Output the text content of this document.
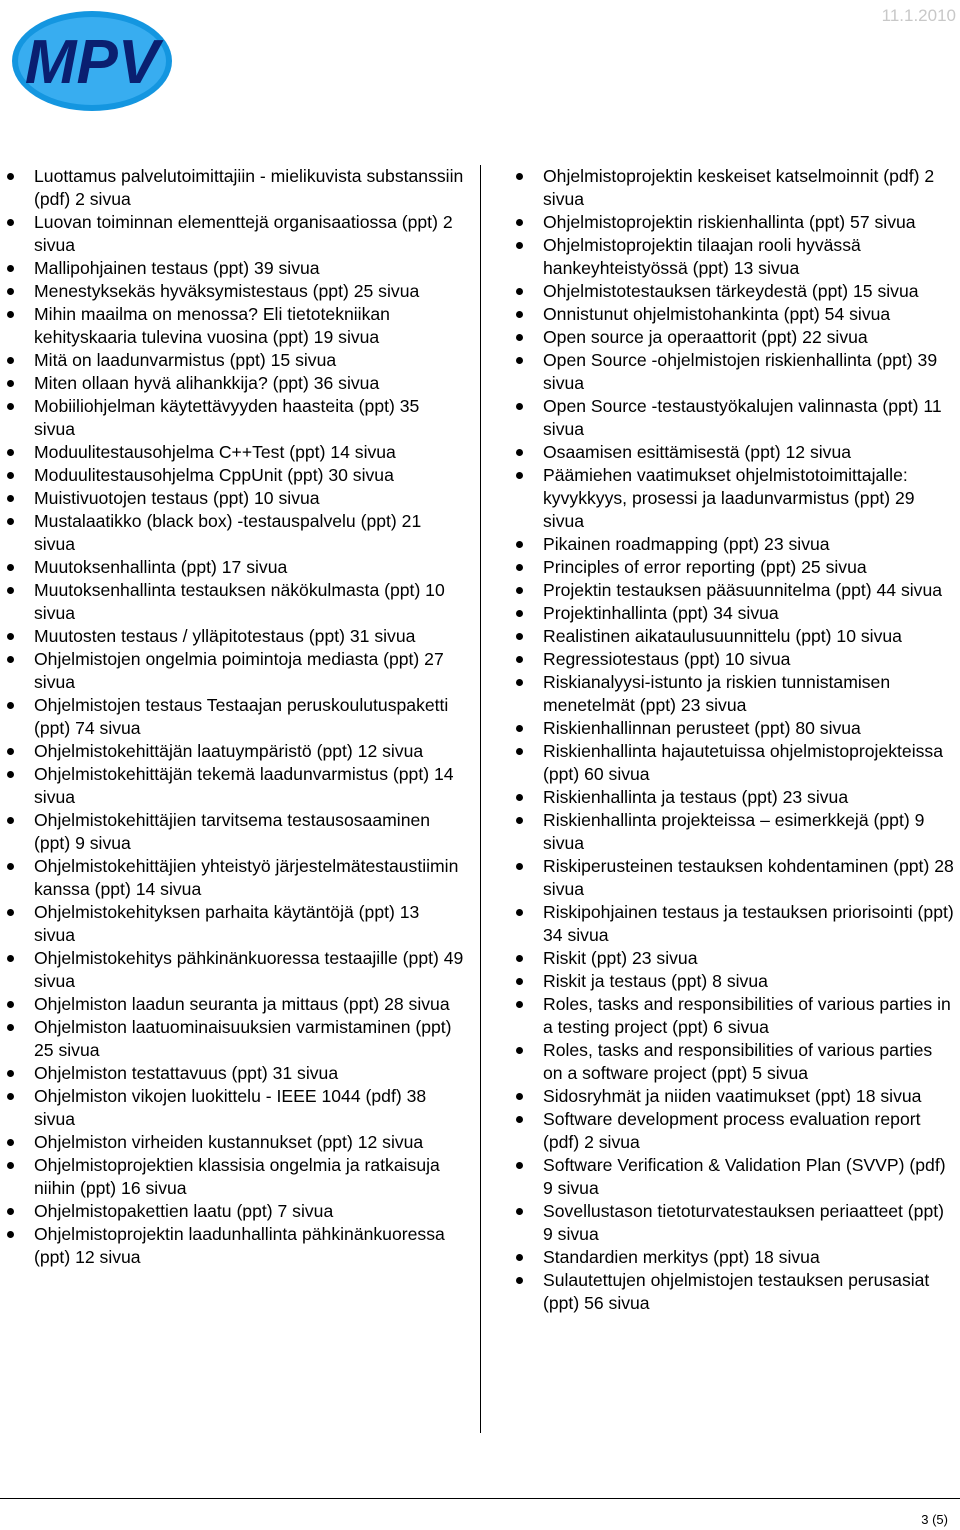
MPV
11.1.2010
Luottamus palvelutoimittajiin - mielikuvista substanssiin (pdf) 2 sivua
Luovan toiminnan elementtejä organisaatiossa (ppt) 2 sivua
Mallipohjainen testaus (ppt) 39 sivua
Menestyksekäs hyväksymistestaus (ppt) 25 sivua
Mihin maailma on menossa? Eli tietotekniikan kehityskaaria tulevina vuosina (ppt) 19 sivua
Mitä on laadunvarmistus (ppt) 15 sivua
Miten ollaan hyvä alihankkija? (ppt) 36 sivua
Mobiiliohjelman käytettävyyden haasteita (ppt) 35 sivua
Moduulitestausohjelma C++Test (ppt) 14 sivua
Moduulitestausohjelma CppUnit (ppt) 30 sivua
Muistivuotojen testaus (ppt) 10 sivua
Mustalaatikko (black box) -testauspalvelu (ppt) 21 sivua
Muutoksenhallinta (ppt) 17 sivua
Muutoksenhallinta testauksen näkökulmasta (ppt) 10 sivua
Muutosten testaus / ylläpitotestaus (ppt) 31 sivua
Ohjelmistojen ongelmia poimintoja mediasta (ppt) 27 sivua
Ohjelmistojen testaus Testaajan peruskoulutuspaketti (ppt) 74 sivua
Ohjelmistokehittäjän laatuympäristö (ppt) 12 sivua
Ohjelmistokehittäjän tekemä laadunvarmistus (ppt) 14 sivua
Ohjelmistokehittäjien tarvitsema testausosaaminen (ppt) 9 sivua
Ohjelmistokehittäjien yhteistyö järjestelmätestaustiimin kanssa (ppt) 14 sivua
Ohjelmistokehityksen parhaita käytäntöjä (ppt) 13 sivua
Ohjelmistokehitys pähkinänkuoressa testaajille (ppt) 49 sivua
Ohjelmiston laadun seuranta ja mittaus (ppt) 28 sivua
Ohjelmiston laatuominaisuuksien varmistaminen (ppt) 25 sivua
Ohjelmiston testattavuus (ppt) 31 sivua
Ohjelmiston vikojen luokittelu - IEEE 1044 (pdf) 38 sivua
Ohjelmiston virheiden kustannukset (ppt) 12 sivua
Ohjelmistoprojektien klassisia ongelmia ja ratkaisuja niihin (ppt) 16 sivua
Ohjelmistopakettien laatu (ppt) 7 sivua
Ohjelmistoprojektin laadunhallinta pähkinänkuoressa (ppt) 12 sivua
Ohjelmistoprojektin keskeiset katselmoinnit (pdf) 2 sivua
Ohjelmistoprojektin riskienhallinta (ppt) 57 sivua
Ohjelmistoprojektin tilaajan rooli hyvässä hankeyhteistyössä (ppt) 13 sivua
Ohjelmistotestauksen tärkeydestä (ppt) 15 sivua
Onnistunut ohjelmistohankinta (ppt) 54 sivua
Open source ja operaattorit (ppt) 22 sivua
Open Source -ohjelmistojen riskienhallinta (ppt) 39 sivua
Open Source -testaustyökalujen valinnasta (ppt) 11 sivua
Osaamisen esittämisestä (ppt) 12 sivua
Päämiehen vaatimukset ohjelmistotoimittajalle: kyvykkyys, prosessi ja laadunvarmistus (ppt) 29 sivua
Pikainen roadmapping (ppt) 23 sivua
Principles of error reporting (ppt) 25 sivua
Projektin testauksen pääsuunnitelma (ppt) 44 sivua
Projektinhallinta (ppt) 34 sivua
Realistinen aikataulusuunnittelu (ppt) 10 sivua
Regressiotestaus (ppt) 10 sivua
Riskianalyysi-istunto ja riskien tunnistamisen menetelmät (ppt) 23 sivua
Riskienhallinnan perusteet (ppt) 80 sivua
Riskienhallinta hajautetuissa ohjelmistoprojekteissa (ppt) 60 sivua
Riskienhallinta ja testaus (ppt) 23 sivua
Riskienhallinta projekteissa – esimerkkejä (ppt) 9 sivua
Riskiperusteinen testauksen kohdentaminen (ppt) 28 sivua
Riskipohjainen testaus ja testauksen priorisointi (ppt) 34 sivua
Riskit (ppt) 23 sivua
Riskit ja testaus (ppt) 8 sivua
Roles, tasks and responsibilities of various parties in a testing project (ppt) 6 sivua
Roles, tasks and responsibilities of various parties on a software project (ppt) 5 sivua
Sidosryhmät ja niiden vaatimukset (ppt) 18 sivua
Software development process evaluation report (pdf) 2 sivua
Software Verification & Validation Plan (SVVP) (pdf) 9 sivua
Sovellustason tietoturvatestauksen periaatteet (ppt) 9 sivua
Standardien merkitys (ppt) 18 sivua
Sulautettujen ohjelmistojen testauksen perusasiat (ppt) 56 sivua
3 (5)
